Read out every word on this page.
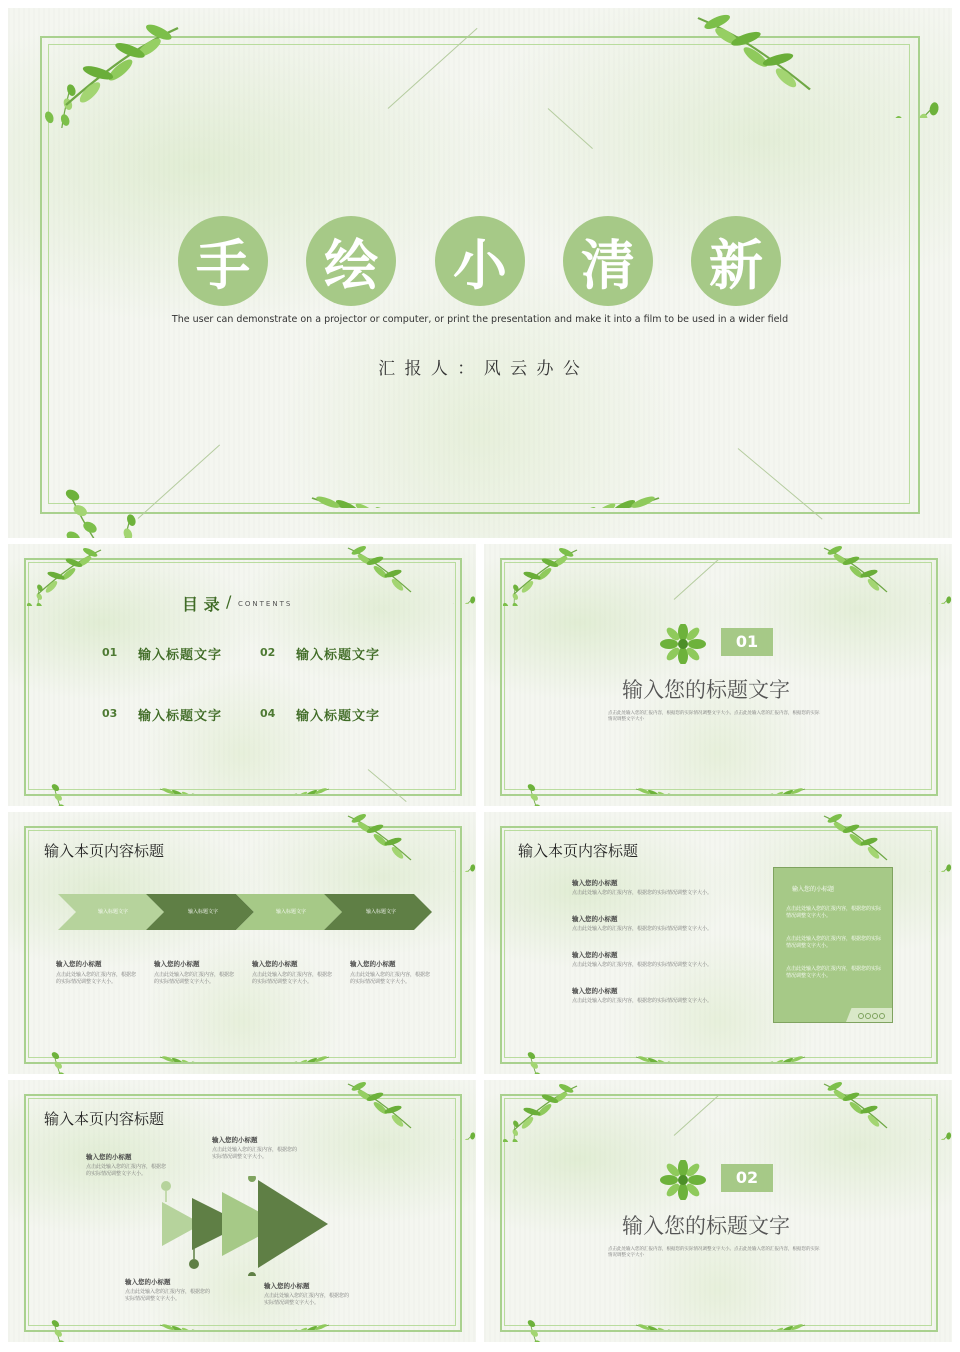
手	绘	小	清	新
The user can demonstrate on a projector or computer, or print the presentation and make it into a film to be used in a wider field
汇 报 人 ： 风 云 办 公
目 录 / CONTENTS
01 输入标题文字	02 输入标题文字
03 输入标题文字	04 输入标题文字
01
输入您的标题文字
点击此处输入您的汇报内容，根据您的实际情况调整文字大小。点击此处输入您的汇报内容，根据您的实际情况调整文字大小
输入本页内容标题
输入标题文字	输入标题文字	输入标题文字	输入标题文字
输入您的小标题
点击此处输入您的汇报内容，根据您的实际情况调整文字大小。
输入您的小标题
点击此处输入您的汇报内容，根据您的实际情况调整文字大小。
输入您的小标题
点击此处输入您的汇报内容，根据您的实际情况调整文字大小。
输入您的小标题
点击此处输入您的汇报内容，根据您的实际情况调整文字大小。
输入本页内容标题
输入您的小标题
点击此处输入您的汇报内容，根据您的实际情况调整文字大小。
输入您的小标题
点击此处输入您的汇报内容，根据您的实际情况调整文字大小。
输入您的小标题
点击此处输入您的汇报内容，根据您的实际情况调整文字大小。
输入您的小标题
点击此处输入您的汇报内容，根据您的实际情况调整文字大小。
输入您的小标题
点击此处输入您的汇报内容，根据您的实际情况调整文字大小。
点击此处输入您的汇报内容，根据您的实际情况调整文字大小。
点击此处输入您的汇报内容，根据您的实际情况调整文字大小。
输入本页内容标题
输入您的小标题
点击此处输入您的汇报内容，根据您的实际情况调整文字大小。
输入您的小标题
点击此处输入您的汇报内容，根据您的实际情况调整文字大小。
输入您的小标题
点击此处输入您的汇报内容，根据您的实际情况调整文字大小。
输入您的小标题
点击此处输入您的汇报内容，根据您的实际情况调整文字大小。
02
输入您的标题文字
点击此处输入您的汇报内容，根据您的实际情况调整文字大小。点击此处输入您的汇报内容，根据您的实际情况调整文字大小
